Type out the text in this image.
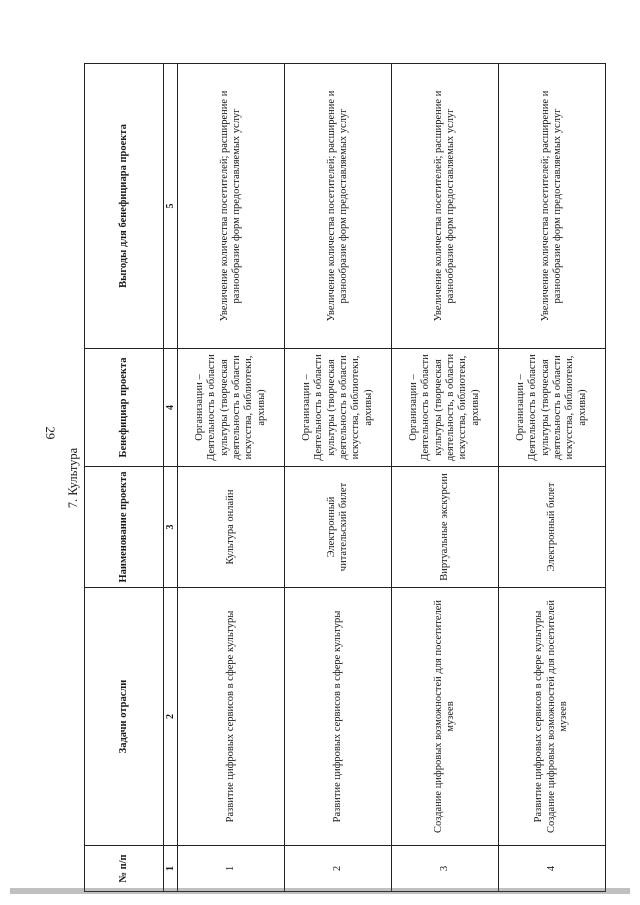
29
7. Культура
№ п/п	Задачи отрасли	Наименование проекта	Бенефициар проекта	Выгоды для бенефициара проекта
1	2	3	4	5
1	Развитие цифровых сервисов в сфере культуры	Культура онлайн	Организации – Деятельность в области культуры (творческая деятельность в области искусства, библиотеки, архивы)	Увеличение количества посетителей; расширение и разнообразие форм предоставляемых услуг
2	Развитие цифровых сервисов в сфере культуры	Электронный читательский билет	Организации – Деятельность в области культуры (творческая деятельность в области искусства, библиотеки, архивы)	Увеличение количества посетителей; расширение и разнообразие форм предоставляемых услуг
3	Создание цифровых возможностей для посетителей музеев	Виртуальные экскурсии	Организации – Деятельность в области культуры (творческая деятельность, в области искусства, библиотеки, архивы)	Увеличение количества посетителей; расширение и разнообразие форм предоставляемых услуг
4	Развитие цифровых сервисов в сфере культуры Создание цифровых возможностей для посетителей музеев	Электронный билет	Организации – Деятельность в области культуры (творческая деятельность в области искусства, библиотеки, архивы)	Увеличение количества посетителей; расширение и разнообразие форм предоставляемых услуг
